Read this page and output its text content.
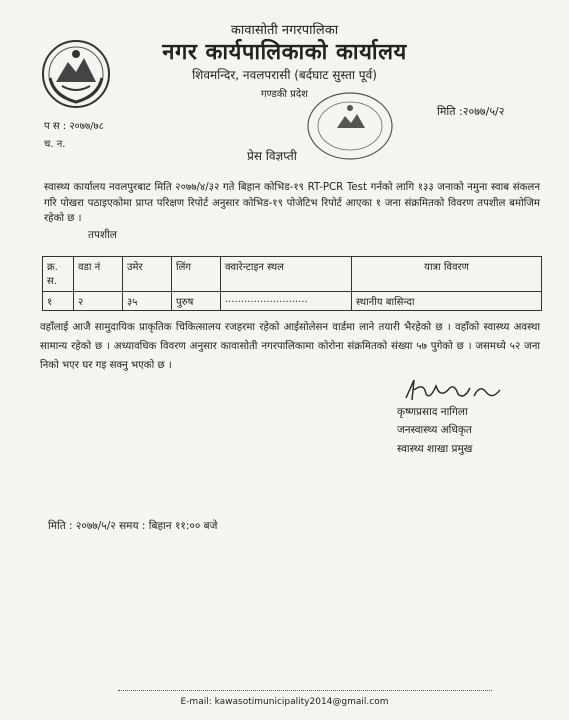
कावासोती नगरपालिका
नगर कार्यपालिकाको कार्यालय
शिवमन्दिर, नवलपरासी (बर्दघाट सुस्ता पूर्व)
गण्डकी प्रदेश
मिति :२०७७/५/२
प स : २०७७/७८
च. न.
प्रेस विज्ञप्ती
स्वास्थ्य कार्यालय नवलपुरबाट मिति २०७७/४/३२ गते बिहान कोभिड-१९ RT-PCR Test गर्नको लागि १३३ जनाको नमुना स्वाब संकलन गरि पोखरा पठाइएकोमा प्राप्त परिक्षण रिपोर्ट अनुसार कोभिड-१९ पोजेटिभ रिपोर्ट आएका १ जना संक्रमितको विवरण तपशील बमोजिम रहेको छ ।
तपशील
क्र. स.	वडा नं	उमेर	लिंग	क्वारेन्टाइन स्थल	यात्रा विवरण
१	२	३५	पुरुष	..........................	स्थानीय बासिन्दा
वहाँलाई आजै सामुदायिक प्राकृतिक चिकित्सालय रजहरमा रहेको आईसोलेसन वार्डमा लाने तयारी भैरहेको छ । वहाँको स्वास्थ्य अवस्था सामान्य रहेको छ । अध्यावधिक विवरण अनुसार कावासोती नगरपालिकामा कोरोना संक्रमितको संख्या ५७ पुगेको छ । जसमध्ये ५२ जना निको भएर घर गइ सक्नु भएको छ ।
कृष्णप्रसाद नागिला
जनस्वास्थ्य अधिकृत
स्वास्थ्य शाखा प्रमुख
मिति : २०७७/५/२ समय : बिहान ११:०० बजे
E-mail: kawasotimunicipality2014@gmail.com
